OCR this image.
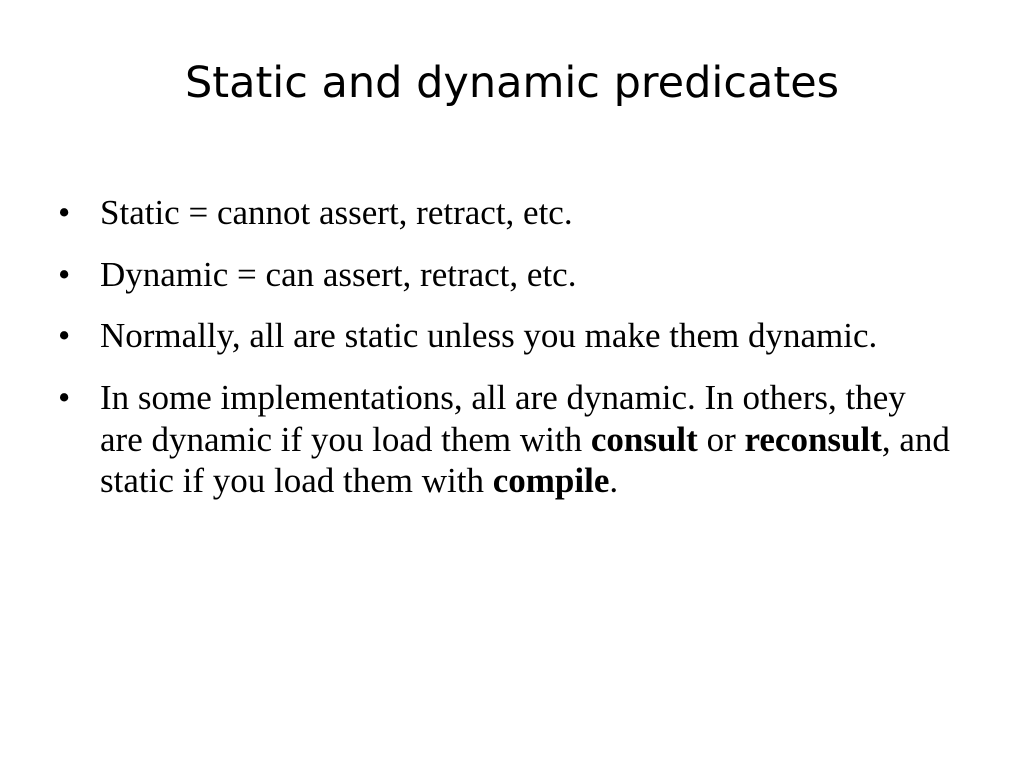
Static and dynamic predicates
• Static = cannot assert, retract, etc.
• Dynamic = can assert, retract, etc.
• Normally, all are static unless you make them dynamic.
• In some implementations, all are dynamic. In others, they are dynamic if you load them with consult or reconsult, and static if you load them with compile.
